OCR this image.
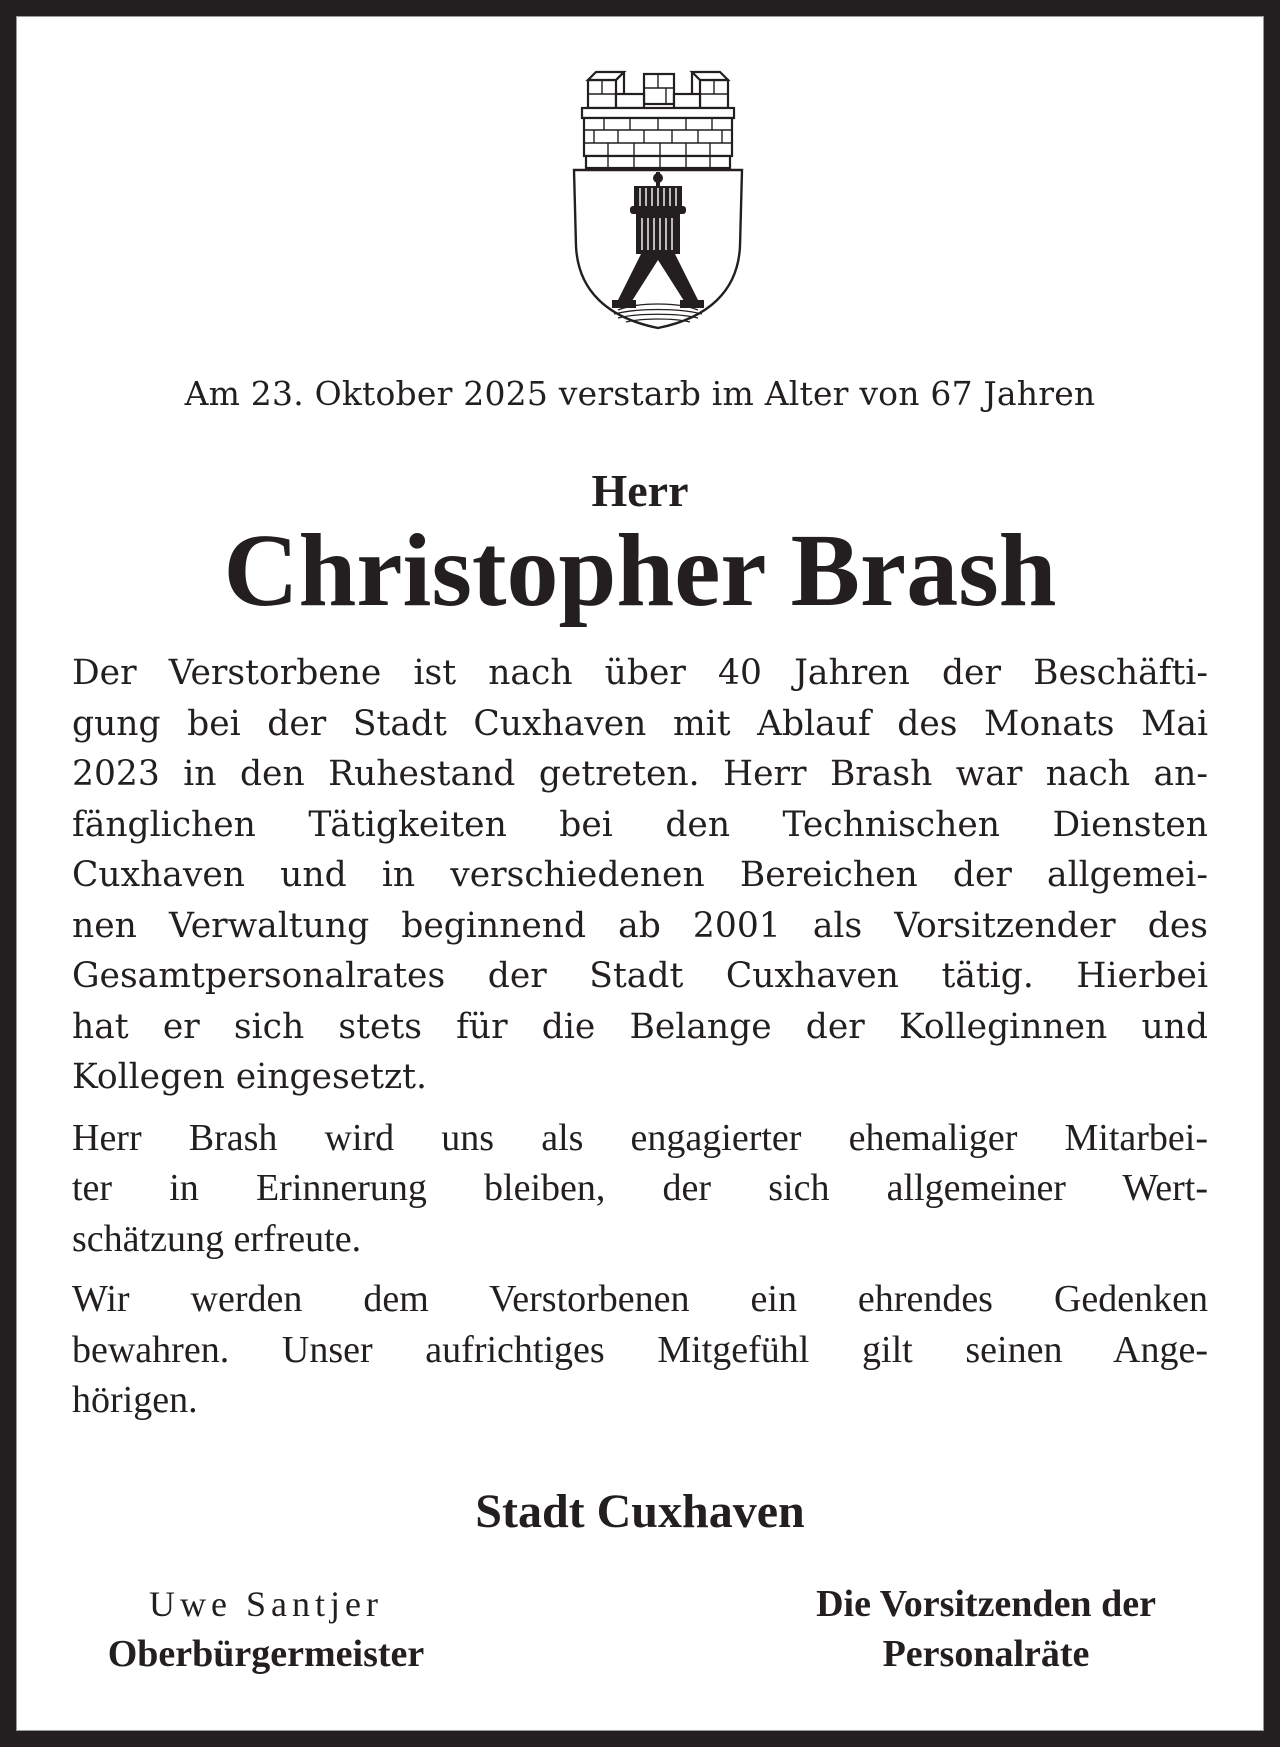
Am 23. Oktober 2025 verstarb im Alter von 67 Jahren
Herr
Christopher Brash
Der Verstorbene ist nach über 40 Jahren der Beschäfti-
gung bei der Stadt Cuxhaven mit Ablauf des Monats Mai
2023 in den Ruhestand getreten. Herr Brash war nach an-
fänglichen Tätigkeiten bei den Technischen Diensten
Cuxhaven und in verschiedenen Bereichen der allgemei-
nen Verwaltung beginnend ab 2001 als Vorsitzender des
Gesamtpersonalrates der Stadt Cuxhaven tätig. Hierbei
hat er sich stets für die Belange der Kolleginnen und
Kollegen eingesetzt.
Herr Brash wird uns als engagierter ehemaliger Mitarbei-
ter in Erinnerung bleiben, der sich allgemeiner Wert-
schätzung erfreute.
Wir werden dem Verstorbenen ein ehrendes Gedenken
bewahren. Unser aufrichtiges Mitgefühl gilt seinen Ange-
hörigen.
Stadt Cuxhaven
Uwe Santjer
Oberbürgermeister
Die Vorsitzenden der
Personalräte
